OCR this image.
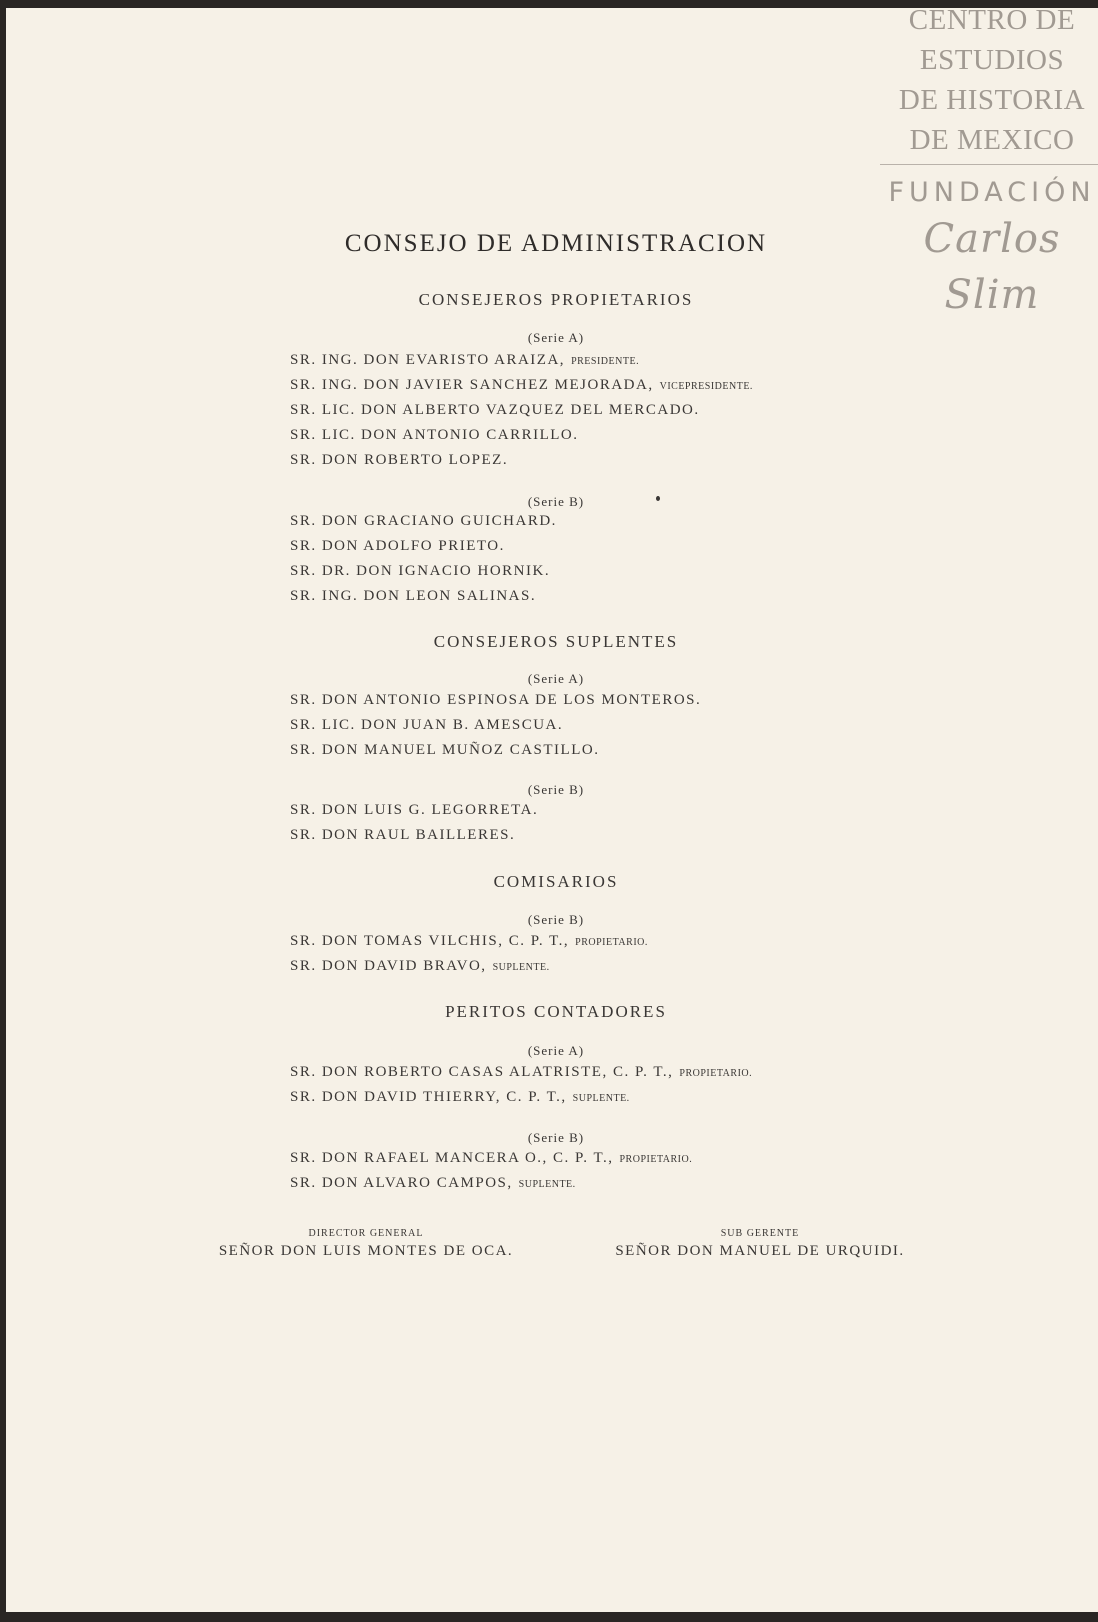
CENTRO DE
ESTUDIOS
DE HISTORIA
DE MEXICO
FUNDACIÓN
Carlos Slim
CONSEJO DE ADMINISTRACION
CONSEJEROS PROPIETARIOS
(Serie A)
SR. ING. DON EVARISTO ARAIZA, PRESIDENTE.
SR. ING. DON JAVIER SANCHEZ MEJORADA, VICEPRESIDENTE.
SR. LIC. DON ALBERTO VAZQUEZ DEL MERCADO.
SR. LIC. DON ANTONIO CARRILLO.
SR. DON ROBERTO LOPEZ.
(Serie B)
SR. DON GRACIANO GUICHARD.
SR. DON ADOLFO PRIETO.
SR. DR. DON IGNACIO HORNIK.
SR. ING. DON LEON SALINAS.
CONSEJEROS SUPLENTES
(Serie A)
SR. DON ANTONIO ESPINOSA DE LOS MONTEROS.
SR. LIC. DON JUAN B. AMESCUA.
SR. DON MANUEL MUÑOZ CASTILLO.
(Serie B)
SR. DON LUIS G. LEGORRETA.
SR. DON RAUL BAILLERES.
COMISARIOS
(Serie B)
SR. DON TOMAS VILCHIS, C. P. T., PROPIETARIO.
SR. DON DAVID BRAVO, SUPLENTE.
PERITOS CONTADORES
(Serie A)
SR. DON ROBERTO CASAS ALATRISTE, C. P. T., PROPIETARIO.
SR. DON DAVID THIERRY, C. P. T., SUPLENTE.
(Serie B)
SR. DON RAFAEL MANCERA O., C. P. T., PROPIETARIO.
SR. DON ALVARO CAMPOS, SUPLENTE.
DIRECTOR GENERAL
SEÑOR DON LUIS MONTES DE OCA.
SUB GERENTE
SEÑOR DON MANUEL DE URQUIDI.
